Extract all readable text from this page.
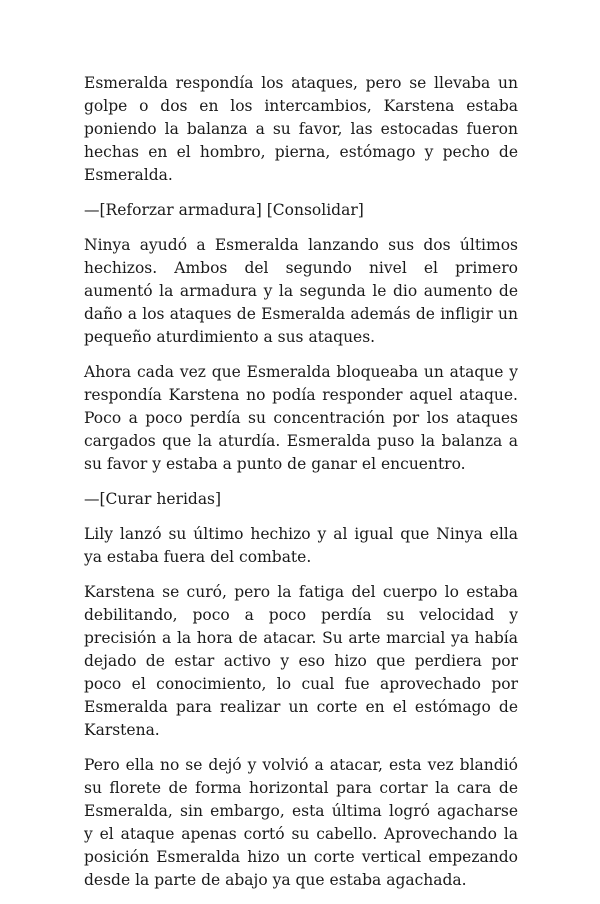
Esmeralda respondía los ataques, pero se llevaba un golpe o dos en los intercambios, Karstena estaba poniendo la balanza a su favor, las estocadas fueron hechas en el hombro, pierna, estómago y pecho de Esmeralda.

—[Reforzar armadura] [Consolidar]

Ninya ayudó a Esmeralda lanzando sus dos últimos hechizos. Ambos del segundo nivel el primero aumentó la armadura y la segunda le dio aumento de daño a los ataques de Esmeralda además de infligir un pequeño aturdimiento a sus ataques.

Ahora cada vez que Esmeralda bloqueaba un ataque y respondía Karstena no podía responder aquel ataque. Poco a poco perdía su concentración por los ataques cargados que la aturdía. Esmeralda puso la balanza a su favor y estaba a punto de ganar el encuentro.

—[Curar heridas]

Lily lanzó su último hechizo y al igual que Ninya ella ya estaba fuera del combate.

Karstena se curó, pero la fatiga del cuerpo lo estaba debilitando, poco a poco perdía su velocidad y precisión a la hora de atacar. Su arte marcial ya había dejado de estar activo y eso hizo que perdiera por poco el conocimiento, lo cual fue aprovechado por Esmeralda para realizar un corte en el estómago de Karstena.

Pero ella no se dejó y volvió a atacar, esta vez blandió su florete de forma horizontal para cortar la cara de Esmeralda, sin embargo, esta última logró agacharse y el ataque apenas cortó su cabello. Aprovechando la posición Esmeralda hizo un corte vertical empezando desde la parte de abajo ya que estaba agachada.
